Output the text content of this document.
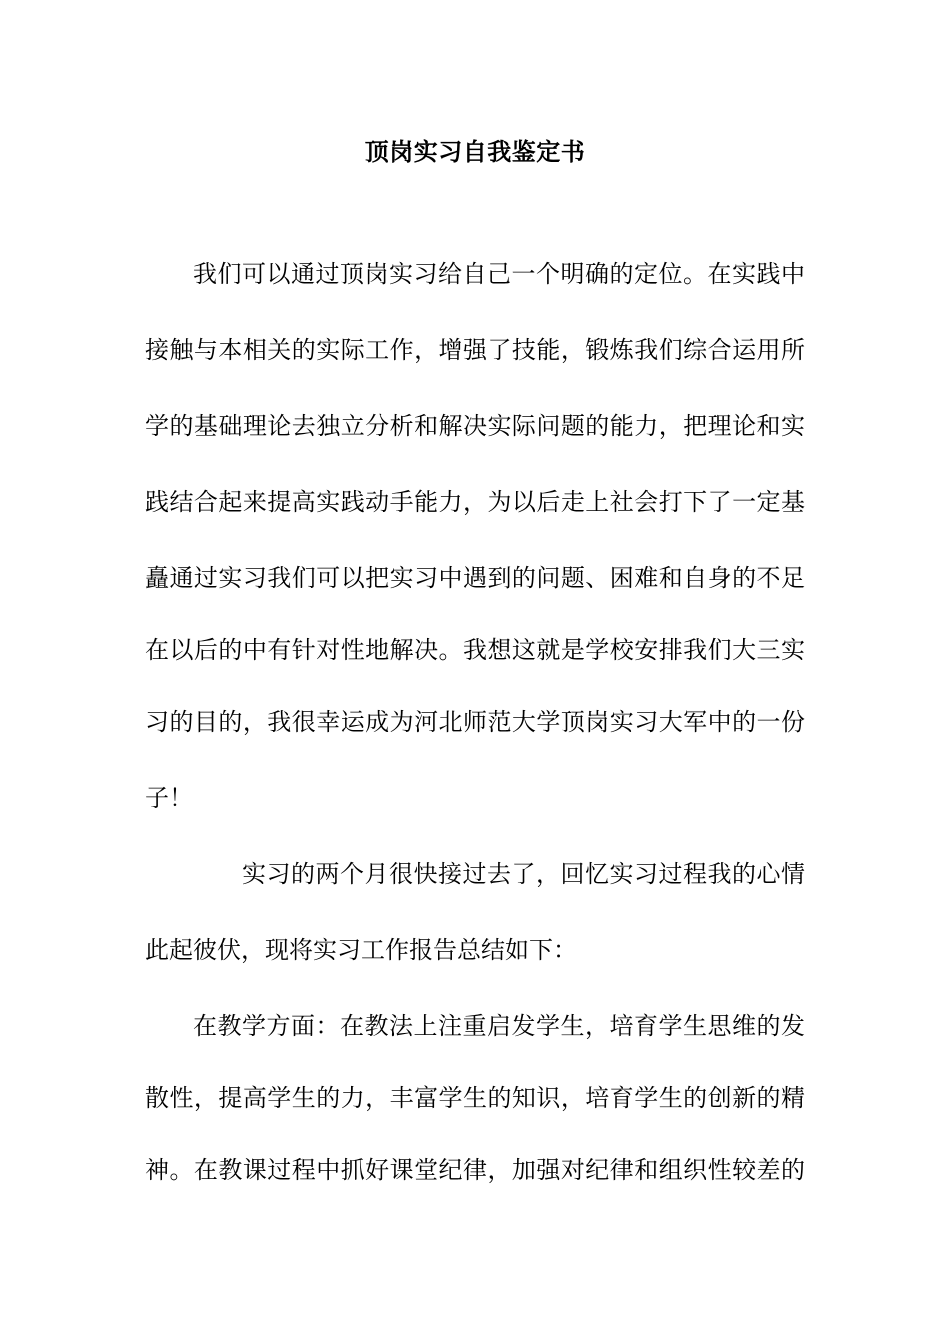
顶岗实习自我鉴定书
我们可以通过顶岗实习给自己一个明确的定位。在实践中
接触与本相关的实际工作，增强了技能，锻炼我们综合运用所
学的基础理论去独立分析和解决实际问题的能力，把理论和实
践结合起来提高实践动手能力，为以后走上社会打下了一定基
矗通过实习我们可以把实习中遇到的问题、困难和自身的不足
在以后的中有针对性地解决。我想这就是学校安排我们大三实
习的目的，我很幸运成为河北师范大学顶岗实习大军中的一份
子！
实习的两个月很快接过去了，回忆实习过程我的心情
此起彼伏，现将实习工作报告总结如下：
在教学方面：在教法上注重启发学生，培育学生思维的发
散性，提高学生的力，丰富学生的知识，培育学生的创新的精
神。在教课过程中抓好课堂纪律，加强对纪律和组织性较差的
